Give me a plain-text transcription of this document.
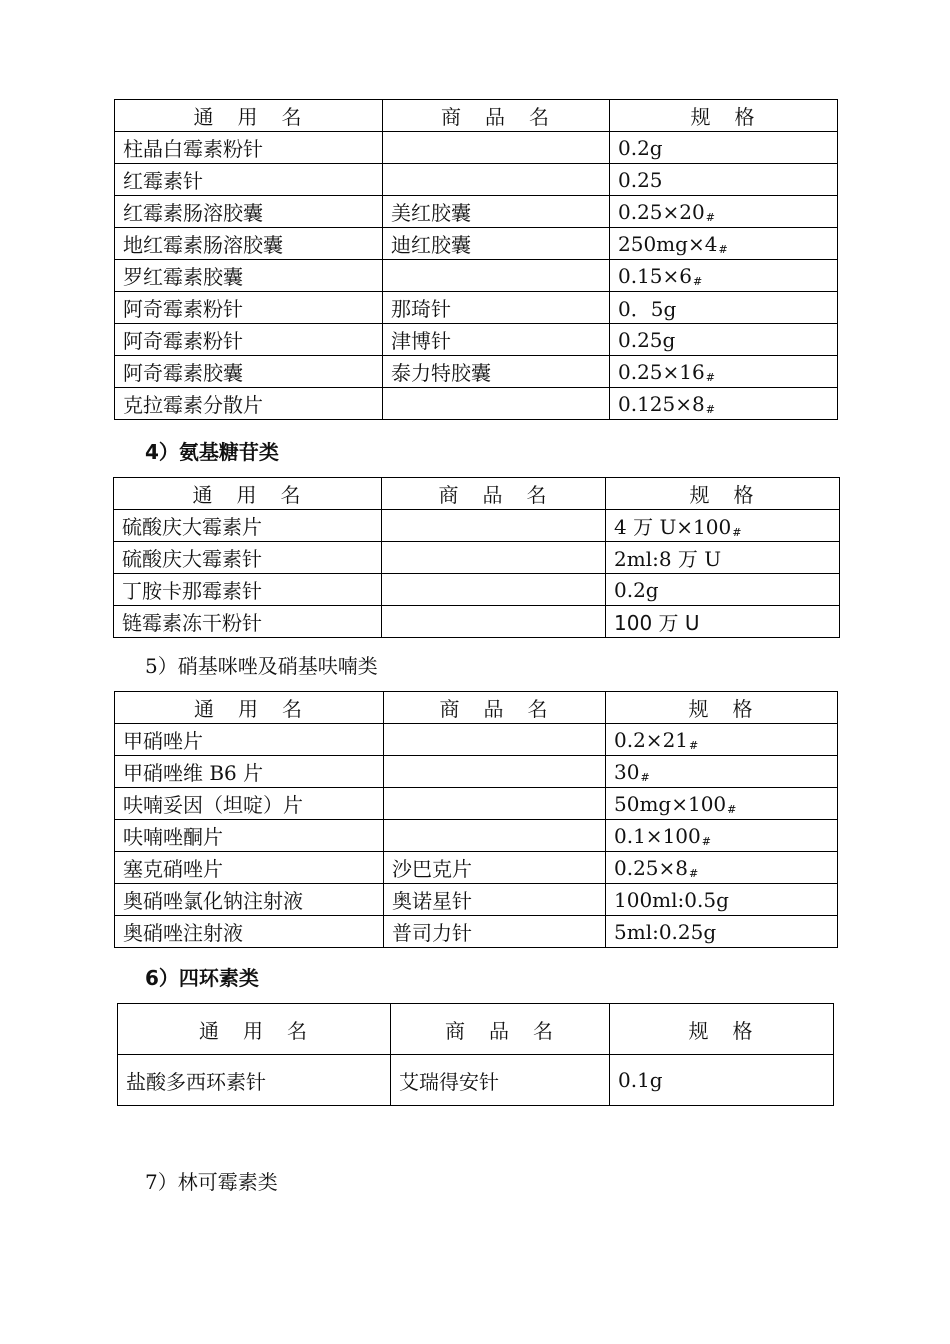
通　用　名	商　品　名	规　格
柱晶白霉素粉针		0.2g
红霉素针		0.25
红霉素肠溶胶囊	美红胶囊	0.25×20#
地红霉素肠溶胶囊	迪红胶囊	250mg×4#
罗红霉素胶囊		0.15×6#
阿奇霉素粉针	那琦针	0．5g
阿奇霉素粉针	津博针	0.25g
阿奇霉素胶囊	泰力特胶囊	0.25×16#
克拉霉素分散片		0.125×8#
4）氨基糖苷类
通　用　名	商　品　名	规　格
硫酸庆大霉素片		4 万 U×100#
硫酸庆大霉素针		2ml:8 万 U
丁胺卡那霉素针		0.2g
链霉素冻干粉针		100 万 U
5）硝基咪唑及硝基呋喃类
通　用　名	商　品　名	规　格
甲硝唑片		0.2×21#
甲硝唑维 B6 片		30#
呋喃妥因（坦啶）片		50mg×100#
呋喃唑酮片		0.1×100#
塞克硝唑片	沙巴克片	0.25×8#
奥硝唑氯化钠注射液	奥诺星针	100ml:0.5g
奥硝唑注射液	普司力针	5ml:0.25g
6）四环素类
通　用　名	商　品　名	规　格
盐酸多西环素针	艾瑞得安针	0.1g
7）林可霉素类
